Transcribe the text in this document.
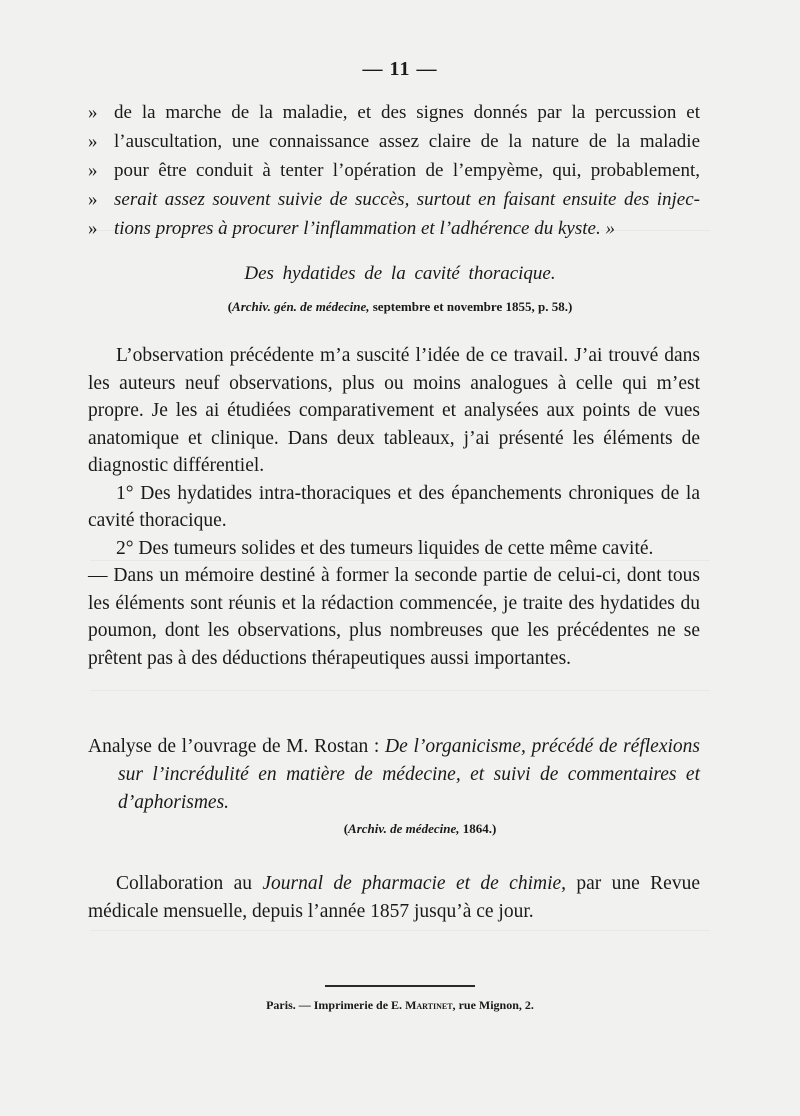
— 11 —
» de la marche de la maladie, et des signes donnés par la percussion et
» l’auscultation, une connaissance assez claire de la nature de la maladie
» pour être conduit à tenter l’opération de l’empyème, qui, probablement,
» serait assez souvent suivie de succès, surtout en faisant ensuite des injec-
» tions propres à procurer l’inflammation et l’adhérence du kyste. »
Des hydatides de la cavité thoracique.
(Archiv. gén. de médecine, septembre et novembre 1855, p. 58.)

L’observation précédente m’a suscité l’idée de ce travail. J’ai trouvé dans les auteurs neuf observations, plus ou moins analogues à celle qui m’est propre. Je les ai étudiées comparativement et analysées aux points de vues anatomique et clinique. Dans deux tableaux, j’ai présenté les éléments de diagnostic différentiel.

1° Des hydatides intra-thoraciques et des épanchements chroniques de la cavité thoracique.

2° Des tumeurs solides et des tumeurs liquides de cette même cavité.

— Dans un mémoire destiné à former la seconde partie de celui-ci, dont tous les éléments sont réunis et la rédaction commencée, je traite des hydatides du poumon, dont les observations, plus nombreuses que les précédentes ne se prêtent pas à des déductions thérapeutiques aussi importantes.

Analyse de l’ouvrage de M. Rostan : De l’organicisme, précédé de réflexions sur l’incrédulité en matière de médecine, et suivi de commentaires et d’aphorismes.
(Archiv. de médecine, 1864.)
Collaboration au Journal de pharmacie et de chimie, par une Revue médicale mensuelle, depuis l’année 1857 jusqu’à ce jour.
Paris. — Imprimerie de E. Martinet, rue Mignon, 2.
